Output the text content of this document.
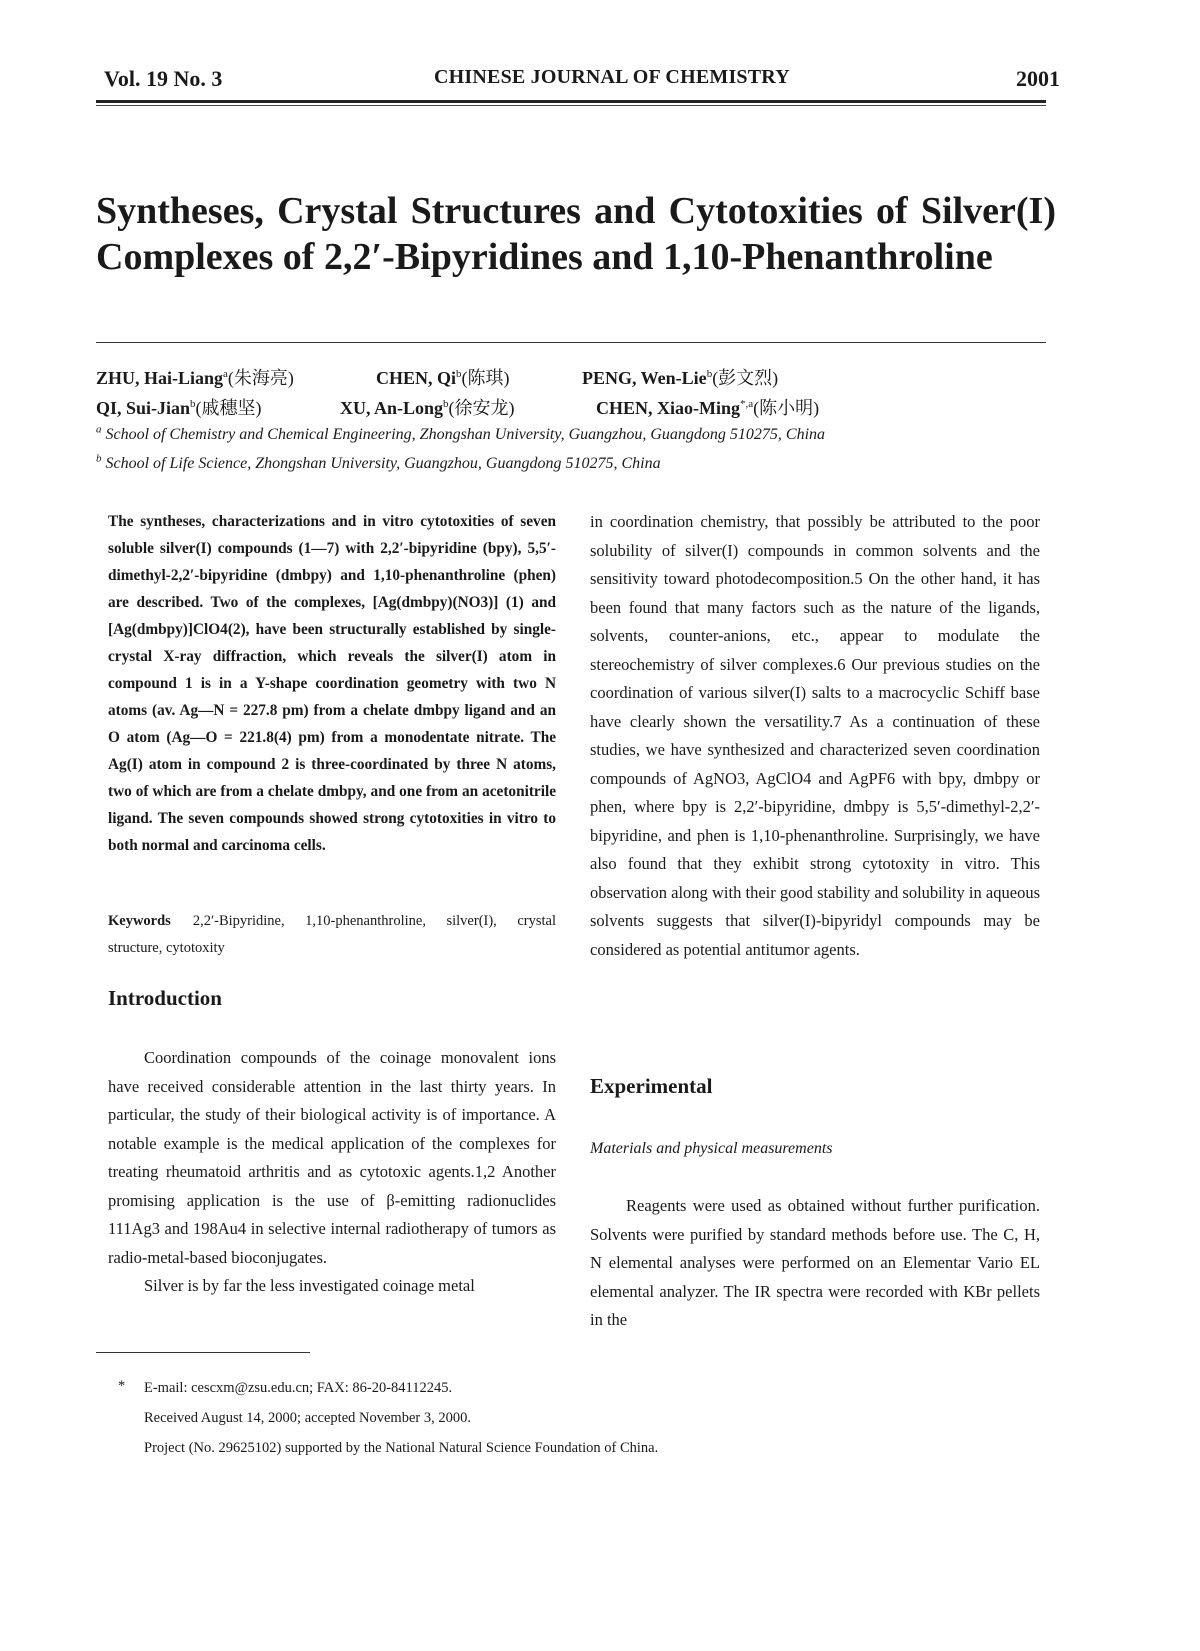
Vol. 19 No. 3	CHINESE JOURNAL OF CHEMISTRY	2001
Syntheses, Crystal Structures and Cytotoxities of Silver(I)
Complexes of 2,2′-Bipyridines and 1,10-Phenanthroline
ZHU, Hai-Liang$^a$(朱海亮)	CHEN, Qi$^b$(陈琪)	PENG, Wen-Lie$^b$(彭文烈)
QI, Sui-Jian$^b$(戚穗坚)	XU, An-Long$^b$(徐安龙)	CHEN, Xiao-Ming$^{*,a}$(陈小明)
$^a$ School of Chemistry and Chemical Engineering, Zhongshan University, Guangzhou, Guangdong 510275, China
$^b$ School of Life Science, Zhongshan University, Guangzhou, Guangdong 510275, China

The syntheses, characterizations and in vitro cytotoxities of seven soluble silver(I) compounds (1—7) with 2,2′-bipyridine (bpy), 5,5′-dimethyl-2,2′-bipyridine (dmbpy) and 1,10-phenanthroline (phen) are described. Two of the complexes, [Ag(dmbpy)(NO3)] (1) and [Ag(dmbpy)]ClO4(2), have been structurally established by single-crystal X-ray diffraction, which reveals the silver(I) atom in compound 1 is in a Y-shape coordination geometry with two N atoms (av. Ag—N = 227.8 pm) from a chelate dmbpy ligand and an O atom (Ag—O = 221.8(4) pm) from a monodentate nitrate. The Ag(I) atom in compound 2 is three-coordinated by three N atoms, two of which are from a chelate dmbpy, and one from an acetonitrile ligand. The seven compounds showed strong cytotoxities in vitro to both normal and carcinoma cells.

Keywords 2,2′-Bipyridine, 1,10-phenanthroline, silver(I), crystal structure, cytotoxity
Introduction

Coordination compounds of the coinage monovalent ions have received considerable attention in the last thirty years. In particular, the study of their biological activity is of importance. A notable example is the medical application of the complexes for treating rheumatoid arthritis and as cytotoxic agents.1,2 Another promising application is the use of β-emitting radionuclides 111Ag3 and 198Au4 in selective internal radiotherapy of tumors as radio-metal-based bioconjugates.

Silver is by far the less investigated coinage metal

in coordination chemistry, that possibly be attributed to the poor solubility of silver(I) compounds in common solvents and the sensitivity toward photodecomposition.5 On the other hand, it has been found that many factors such as the nature of the ligands, solvents, counter-anions, etc., appear to modulate the stereochemistry of silver complexes.6 Our previous studies on the coordination of various silver(I) salts to a macrocyclic Schiff base have clearly shown the versatility.7 As a continuation of these studies, we have synthesized and characterized seven coordination compounds of AgNO3, AgClO4 and AgPF6 with bpy, dmbpy or phen, where bpy is 2,2′-bipyridine, dmbpy is 5,5′-dimethyl-2,2′-bipyridine, and phen is 1,10-phenanthroline. Surprisingly, we have also found that they exhibit strong cytotoxity in vitro. This observation along with their good stability and solubility in aqueous solvents suggests that silver(I)-bipyridyl compounds may be considered as potential antitumor agents.

Experimental
Materials and physical measurements

Reagents were used as obtained without further purification. Solvents were purified by standard methods before use. The C, H, N elemental analyses were performed on an Elementar Vario EL elemental analyzer. The IR spectra were recorded with KBr pellets in the

* E-mail: cescxm@zsu.edu.cn; FAX: 86-20-84112245.
Received August 14, 2000; accepted November 3, 2000.
Project (No. 29625102) supported by the National Natural Science Foundation of China.
